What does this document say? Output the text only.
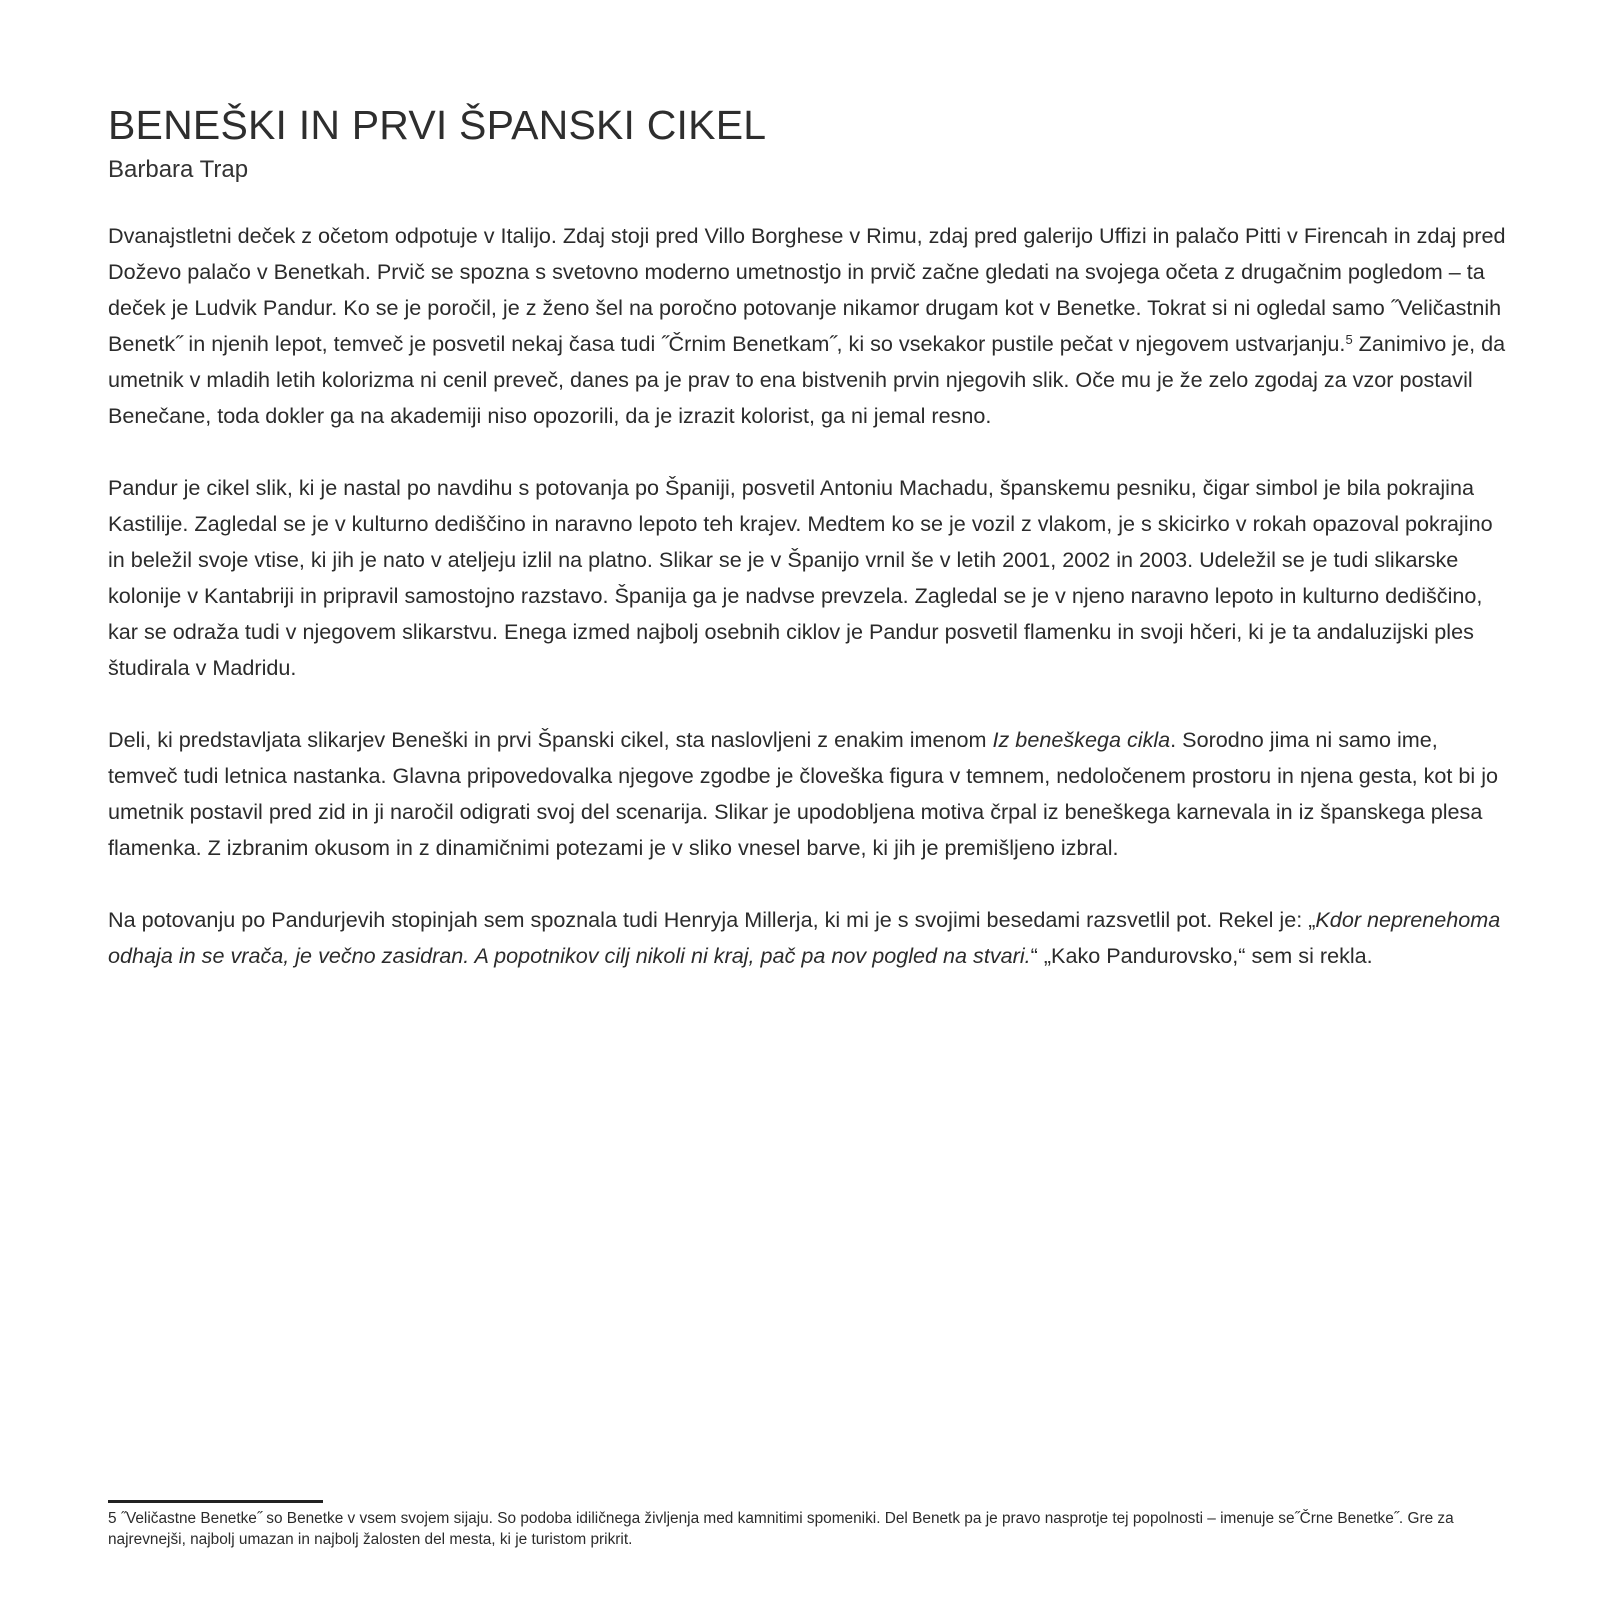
BENEŠKI IN PRVI ŠPANSKI CIKEL
Barbara Trap

Dvanajstletni deček z očetom odpotuje v Italijo. Zdaj stoji pred Villo Borghese v Rimu, zdaj pred galerijo Uffizi in palačo Pitti v Firencah in zdaj pred Doževo palačo v Benetkah. Prvič se spozna s svetovno moderno umetnostjo in prvič začne gledati na svojega očeta z drugačnim pogledom – ta deček je Ludvik Pandur. Ko se je poročil, je z ženo šel na poročno potovanje nikamor drugam kot v Benetke. Tokrat si ni ogledal samo ˝Veličastnih Benetk˝ in njenih lepot, temveč je posvetil nekaj časa tudi ˝Črnim Benetkam˝, ki so vsekakor pustile pečat v njegovem ustvarjanju.$^5$ Zanimivo je, da umetnik v mladih letih kolorizma ni cenil preveč, danes pa je prav to ena bistvenih prvin njegovih slik. Oče mu je že zelo zgodaj za vzor postavil Benečane, toda dokler ga na akademiji niso opozorili, da je izrazit kolorist, ga ni jemal resno.

Pandur je cikel slik, ki je nastal po navdihu s potovanja po Španiji, posvetil Antoniu Machadu, španskemu pesniku, čigar simbol je bila pokrajina Kastilije. Zagledal se je v kulturno dediščino in naravno lepoto teh krajev. Medtem ko se je vozil z vlakom, je s skicirko v rokah opazoval pokrajino in beležil svoje vtise, ki jih je nato v ateljeju izlil na platno. Slikar se je v Španijo vrnil še v letih 2001, 2002 in 2003. Udeležil se je tudi slikarske kolonije v Kantabriji in pripravil samostojno razstavo. Španija ga je nadvse prevzela. Zagledal se je v njeno naravno lepoto in kulturno dediščino, kar se odraža tudi v njegovem slikarstvu. Enega izmed najbolj osebnih ciklov je Pandur posvetil flamenku in svoji hčeri, ki je ta andaluzijski ples študirala v Madridu.

Deli, ki predstavljata slikarjev Beneški in prvi Španski cikel, sta naslovljeni z enakim imenom Iz beneškega cikla. Sorodno jima ni samo ime, temveč tudi letnica nastanka. Glavna pripovedovalka njegove zgodbe je človeška figura v temnem, nedoločenem prostoru in njena gesta, kot bi jo umetnik postavil pred zid in ji naročil odigrati svoj del scenarija. Slikar je upodobljena motiva črpal iz beneškega karnevala in iz španskega plesa flamenka. Z izbranim okusom in z dinamičnimi potezami je v sliko vnesel barve, ki jih je premišljeno izbral.

Na potovanju po Pandurjevih stopinjah sem spoznala tudi Henryja Millerja, ki mi je s svojimi besedami razsvetlil pot. Rekel je: „Kdor neprenehoma odhaja in se vrača, je večno zasidran. A popotnikov cilj nikoli ni kraj, pač pa nov pogled na stvari.“ „Kako Pandurovsko,“ sem si rekla.

5 ˝Veličastne Benetke˝ so Benetke v vsem svojem sijaju. So podoba idiličnega življenja med kamnitimi spomeniki. Del Benetk pa je pravo nasprotje tej popolnosti – imenuje se˝Črne Benetke˝. Gre za najrevnejši, najbolj umazan in najbolj žalosten del mesta, ki je turistom prikrit.
